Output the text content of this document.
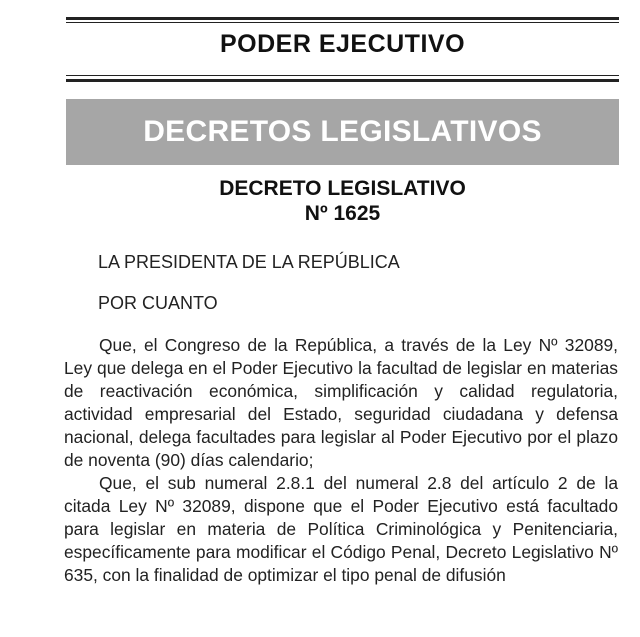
PODER EJECUTIVO
DECRETOS LEGISLATIVOS
DECRETO LEGISLATIVO
Nº 1625
LA PRESIDENTA DE LA REPÚBLICA
POR CUANTO

Que, el Congreso de la República, a través de la Ley Nº 32089, Ley que delega en el Poder Ejecutivo la facultad de legislar en materias de reactivación económica, simplificación y calidad regulatoria, actividad empresarial del Estado, seguridad ciudadana y defensa nacional, delega facultades para legislar al Poder Ejecutivo por el plazo de noventa (90) días calendario;

Que, el sub numeral 2.8.1 del numeral 2.8 del artículo 2 de la citada Ley Nº 32089, dispone que el Poder Ejecutivo está facultado para legislar en materia de Política Criminológica y Penitenciaria, específicamente para modificar el Código Penal, Decreto Legislativo Nº 635, con la finalidad de optimizar el tipo penal de difusión
